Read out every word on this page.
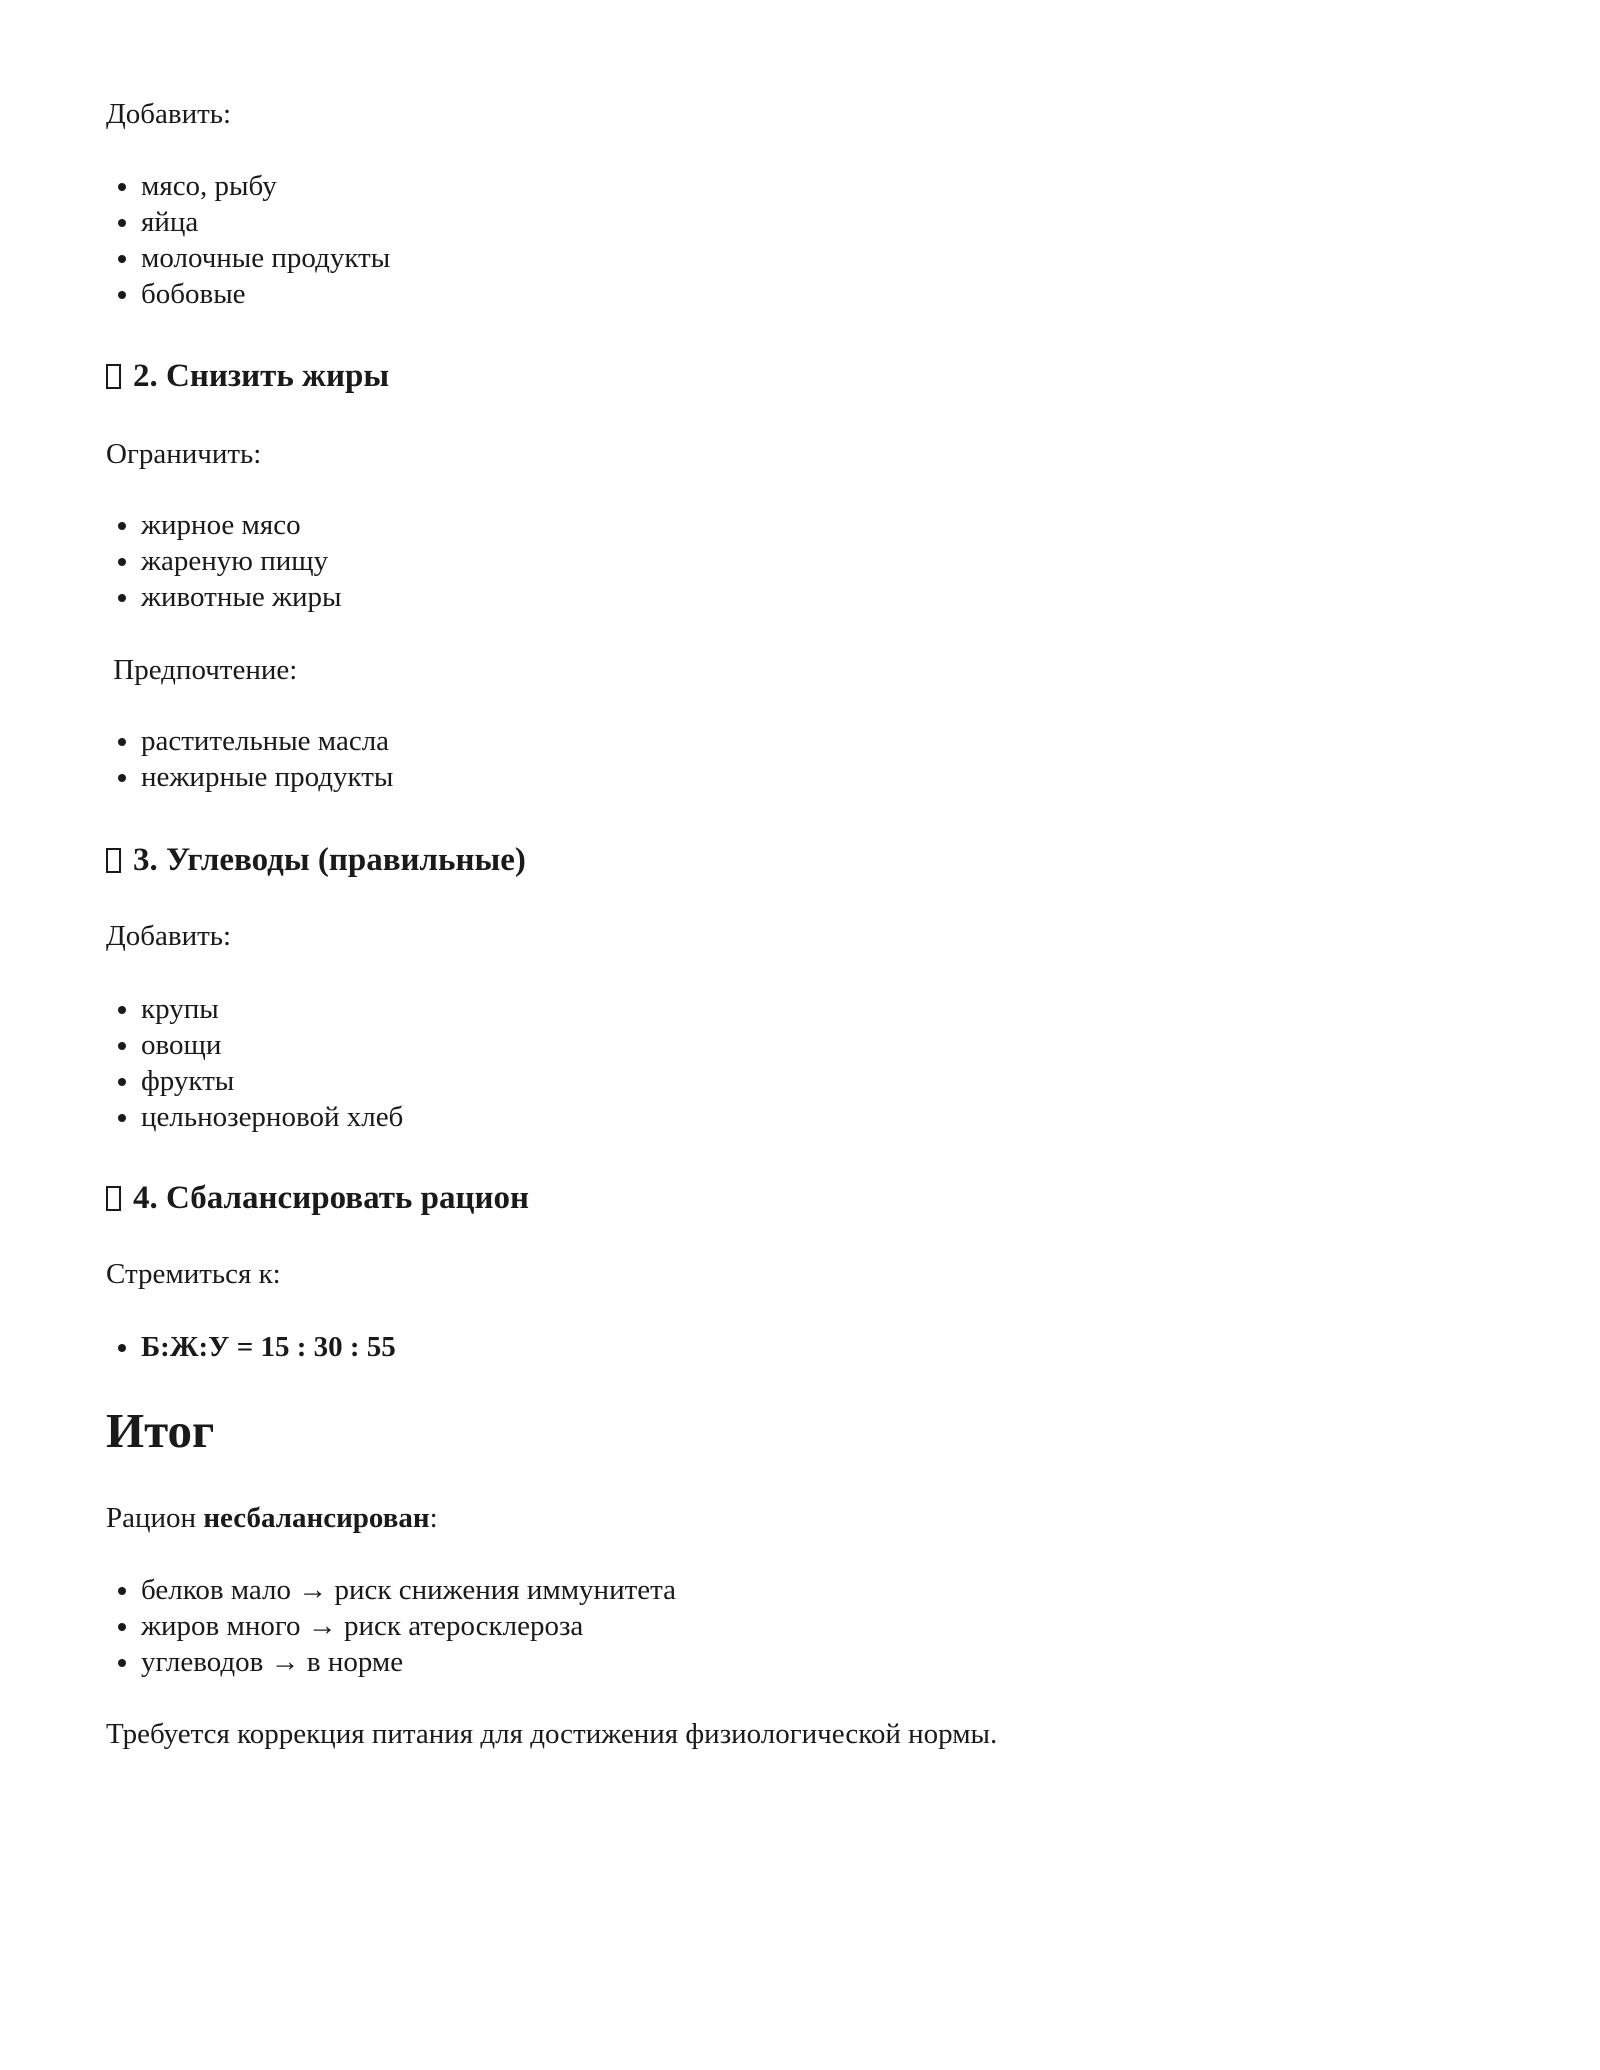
Добавить:

• мясо, рыбу
• яйца
• молочные продукты
• бобовые
2. Снизить жиры

Ограничить:

• жирное мясо
• жареную пищу
• животные жиры

Предпочтение:

• растительные масла
• нежирные продукты
3. Углеводы (правильные)

Добавить:

• крупы
• овощи
• фрукты
• цельнозерновой хлеб
4. Сбалансировать рацион

Стремиться к:

• Б:Ж:У = 15 : 30 : 55
Итог

Рацион несбалансирован:

• белков мало → риск снижения иммунитета
• жиров много → риск атеросклероза
• углеводов → в норме

Требуется коррекция питания для достижения физиологической нормы.
